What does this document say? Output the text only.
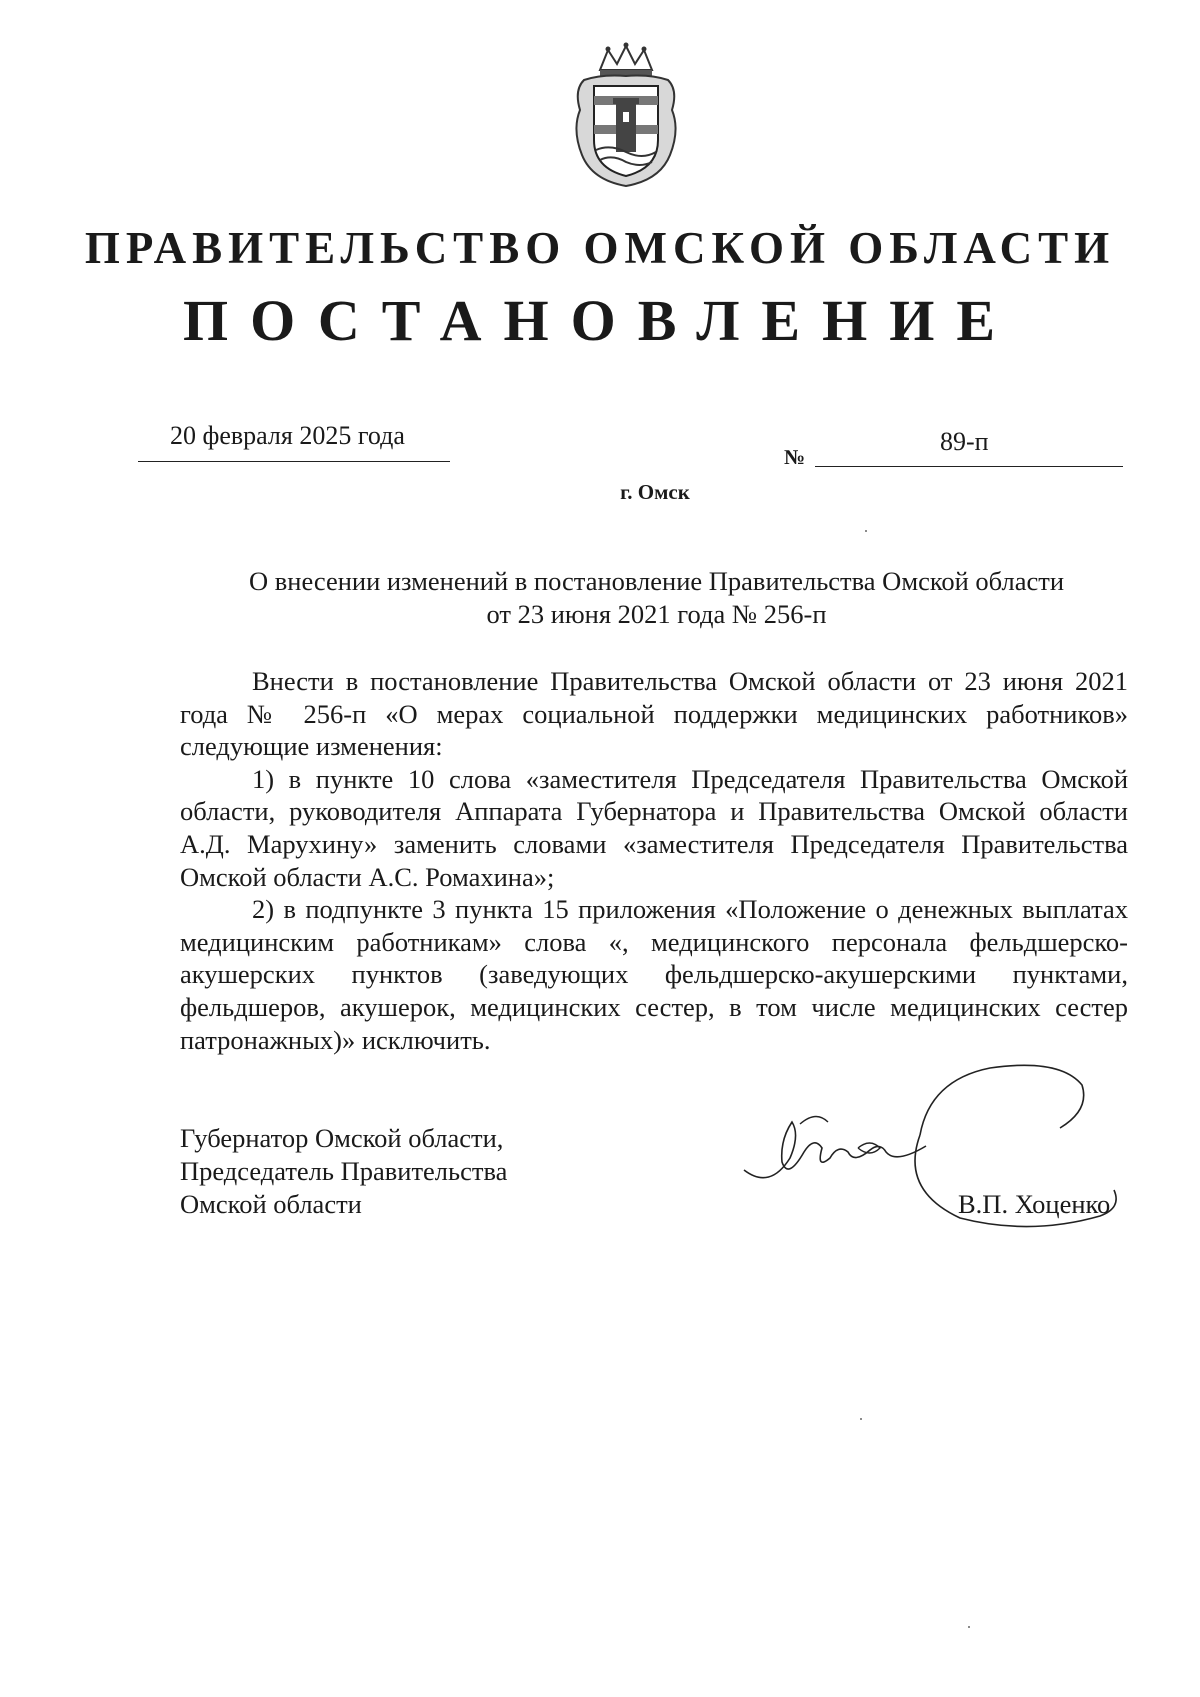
ПРАВИТЕЛЬСТВО ОМСКОЙ ОБЛАСТИ
ПОСТАНОВЛЕНИЕ
20 февраля 2025 года
№
89-п
г. Омск
О внесении изменений в постановление Правительства Омской области
от 23 июня 2021 года № 256-п

Внести в постановление Правительства Омской области от 23 июня 2021 года № 256-п «О мерах социальной поддержки медицинских работников» следующие изменения:

1) в пункте 10 слова «заместителя Председателя Правительства Омской области, руководителя Аппарата Губернатора и Правительства Омской области А.Д. Марухину» заменить словами «заместителя Председателя Правительства Омской области А.С. Ромахина»;

2) в подпункте 3 пункта 15 приложения «Положение о денежных выплатах медицинским работникам» слова «, медицинского персонала фельдшерско-акушерских пунктов (заведующих фельдшерско-акушерскими пунктами, фельдшеров, акушерок, медицинских сестер, в том числе медицинских сестер патронажных)» исключить.

Губернатор Омской области,
Председатель Правительства
Омской области	В.П. Хоценко
